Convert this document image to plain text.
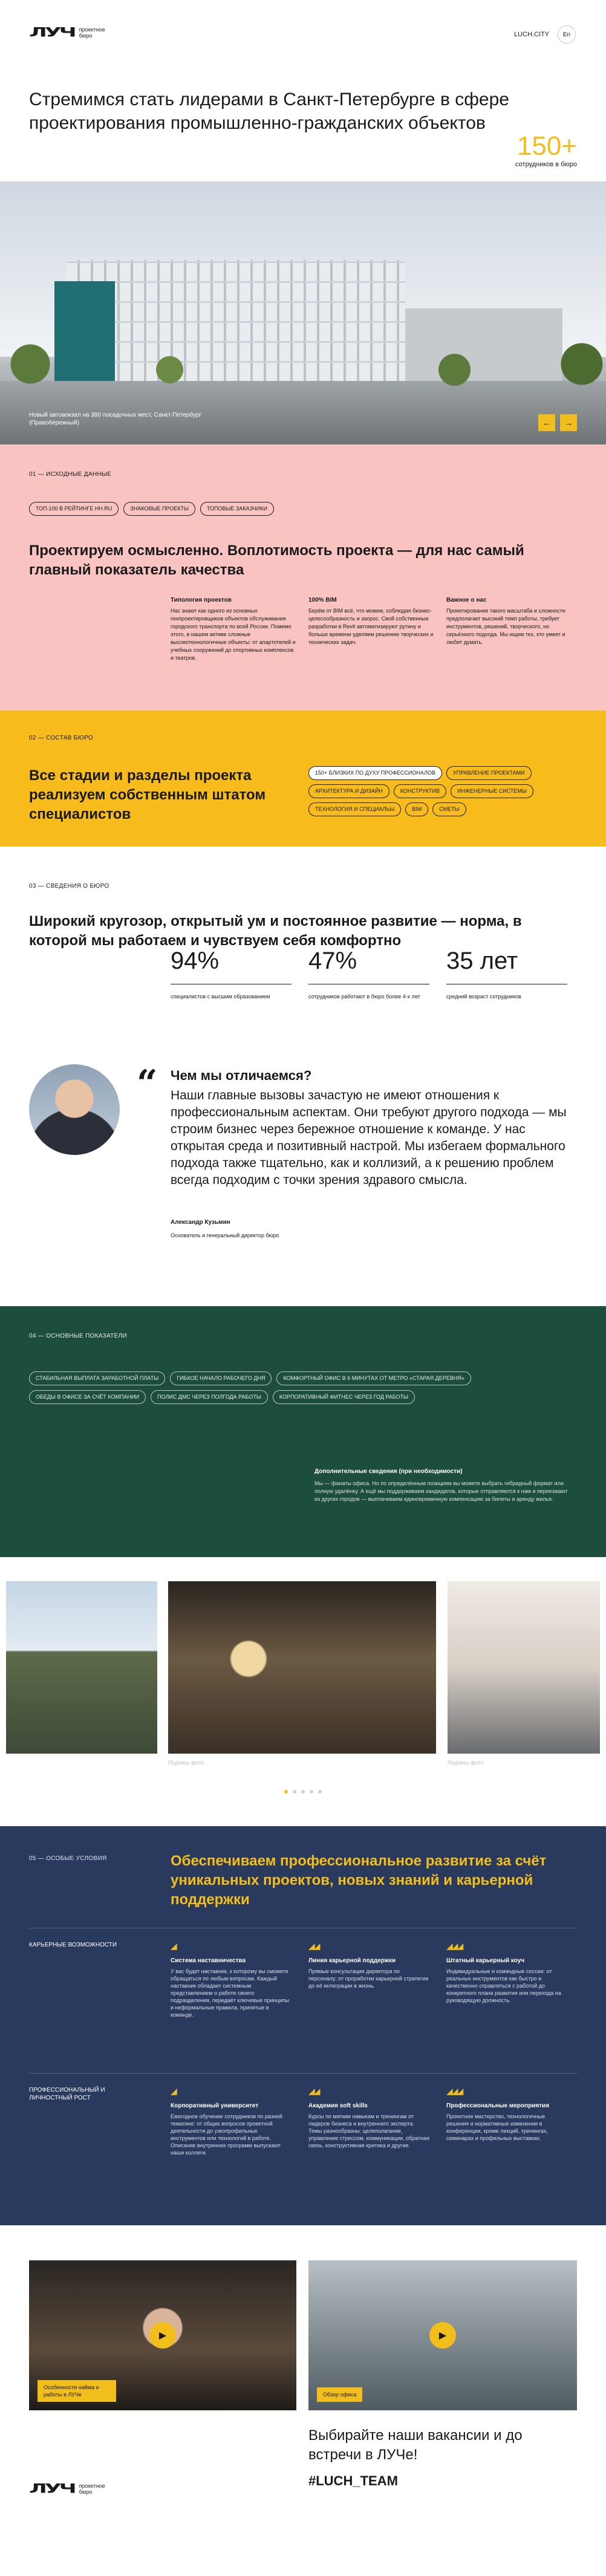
ЛУЧ проектное бюро	LUCH.CITY	En
Стремимся стать лидерами в Санкт-Петербурге в сфере проектирования промышленно-гражданских объектов
150+
сотрудников в бюро
Новый автовокзал на 380 посадочных мест, Санкт-Петербург (Правобережный)	←	→
01 — ИСХОДНЫЕ ДАННЫЕ
ТОП-100 В РЕЙТИНГЕ HH.RU	ЗНАКОВЫЕ ПРОЕКТЫ	ТОПОВЫЕ ЗАКАЗЧИКИ
Проектируем осмысленно. Воплотимость проекта — для нас самый главный показатель качества
Типология проектов
Нас знают как одного из основных генпроектировщиков объектов обслуживания городского транспорта по всей России. Помимо этого, в нашем активе сложные высокотехнологичные объекты: от апартотелей и учебных сооружений до спортивных комплексов и театров.
100% BIM
Берём от BIM всё, что можем, соблюдая бизнес-целесообразность и запрос. Свой собственные разработки в Revit автоматизируют рутину и больше времени уделяем решению творческих и технических задач.
Важное о нас
Проектирование такого масштаба и сложности предполагает высокий темп работы, требует инструментов, решений, творческого, но серьёзного подхода. Мы ищем тех, кто умеет и любит думать.
02 — СОСТАВ БЮРО
Все стадии и разделы проекта реализуем собственным штатом специалистов
150+ БЛИЗКИХ ПО ДУХУ ПРОФЕССИОНАЛОВ	УПРАВЛЕНИЕ ПРОЕКТАМИ
АРХИТЕКТУРА И ДИЗАЙН	КОНСТРУКТИВ	ИНЖЕНЕРНЫЕ СИСТЕМЫ
ТЕХНОЛОГИЯ И СПЕЦИАЛЬЫ	BIM	СМЕТЫ
03 — СВЕДЕНИЯ О БЮРО
Широкий кругозор, открытый ум и постоянное развитие — норма, в которой мы работаем и чувствуем себя комфортно
94%
специалистов с высшим образованием
47%
сотрудников работают в бюро более 4-х лет
35 лет
средний возраст сотрудников
“ Чем мы отличаемся?
Наши главные вызовы зачастую не имеют отношения к профессиональным аспектам. Они требуют другого подхода — мы строим бизнес через бережное отношение к команде. У нас открытая среда и позитивный настрой. Мы избегаем формального подхода также тщательно, как и коллизий, а к решению проблем всегда подходим с точки зрения здравого смысла.
Александр Кузьмин
Основатель и генеральный директор бюро
04 — ОСНОВНЫЕ ПОКАЗАТЕЛИ
СТАБИЛЬНАЯ ВЫПЛАТА ЗАРАБОТНОЙ ПЛАТЫ	ГИБКОЕ НАЧАЛО РАБОЧЕГО ДНЯ	КОМФОРТНЫЙ ОФИС В 6 МИНУТАХ ОТ МЕТРО «СТАРАЯ ДЕРЕВНЯ»
ОБЕДЫ В ОФИСЕ ЗА СЧЁТ КОМПАНИИ	ПОЛИС ДМС ЧЕРЕЗ ПОЛГОДА РАБОТЫ	КОРПОРАТИВНЫЙ ФИТНЕС ЧЕРЕЗ ГОД РАБОТЫ
Дополнительные сведения (при необходимости)
Мы — фанаты офиса. Но по определённым позициям вы можете выбрать гибридный формат или полную удалёнку. А ещё мы поддерживаем кандидатов, которые отправляются к нам и переезжают из других городов — выплачиваем единовременную компенсацию за билеты и аренду жилья.
Подпись фото	Подпись фото
05 — ОСОБЫЕ УСЛОВИЯ	Обеспечиваем профессиональное развитие за счёт уникальных проектов, новых знаний и карьерной поддержки
КАРЬЕРНЫЕ ВОЗМОЖНОСТИ	◢
Система наставничества
У вас будет наставник, к которому вы сможете обращаться по любым вопросам. Каждый наставник обладает системным представлением о работе своего подразделения, передаёт ключевые принципы и неформальные правила, принятые в команде.
◢◢
Линия карьерной поддержки
Прямые консультации директора по персоналу: от проработки карьерной стратегии до её интеграции в жизнь.
◢◢◢
Штатный карьерный коуч
Индивидуальные и командные сессии: от реальных инструментов как быстро и качественно справляться с работой до конкретного плана развития или перехода на руководящую должность.
ПРОФЕССИОНАЛЬНЫЙ И ЛИЧНОСТНЫЙ РОСТ
◢
Корпоративный университет
Ежегодное обучение сотрудников по разной тематике: от общих вопросов проектной деятельности до узкопрофильных инструментов или технологий в работе. Описание внутренних программ выпускают наши коллеги.
◢◢
Академия soft skills
Курсы по мягким навыкам и тренингам от лидеров бизнеса и внутреннего эксперта. Темы разнообразны: целеполагание, управление стрессом, коммуникации, обратная связь, конструктивная критика и другие.
◢◢◢
Профессиональные мероприятия
Проектное мастерство, технологичные решения и нормативные изменения в конференции, кроме лекций, тренингах, семинарах и профильных выставках.
▶
Особенности найма и работы в ЛУЧе
▶
Обзор офиса
Выбирайте наши вакансии и до встречи в ЛУЧе!
#LUCH_TEAM
ЛУЧ проектное бюро
